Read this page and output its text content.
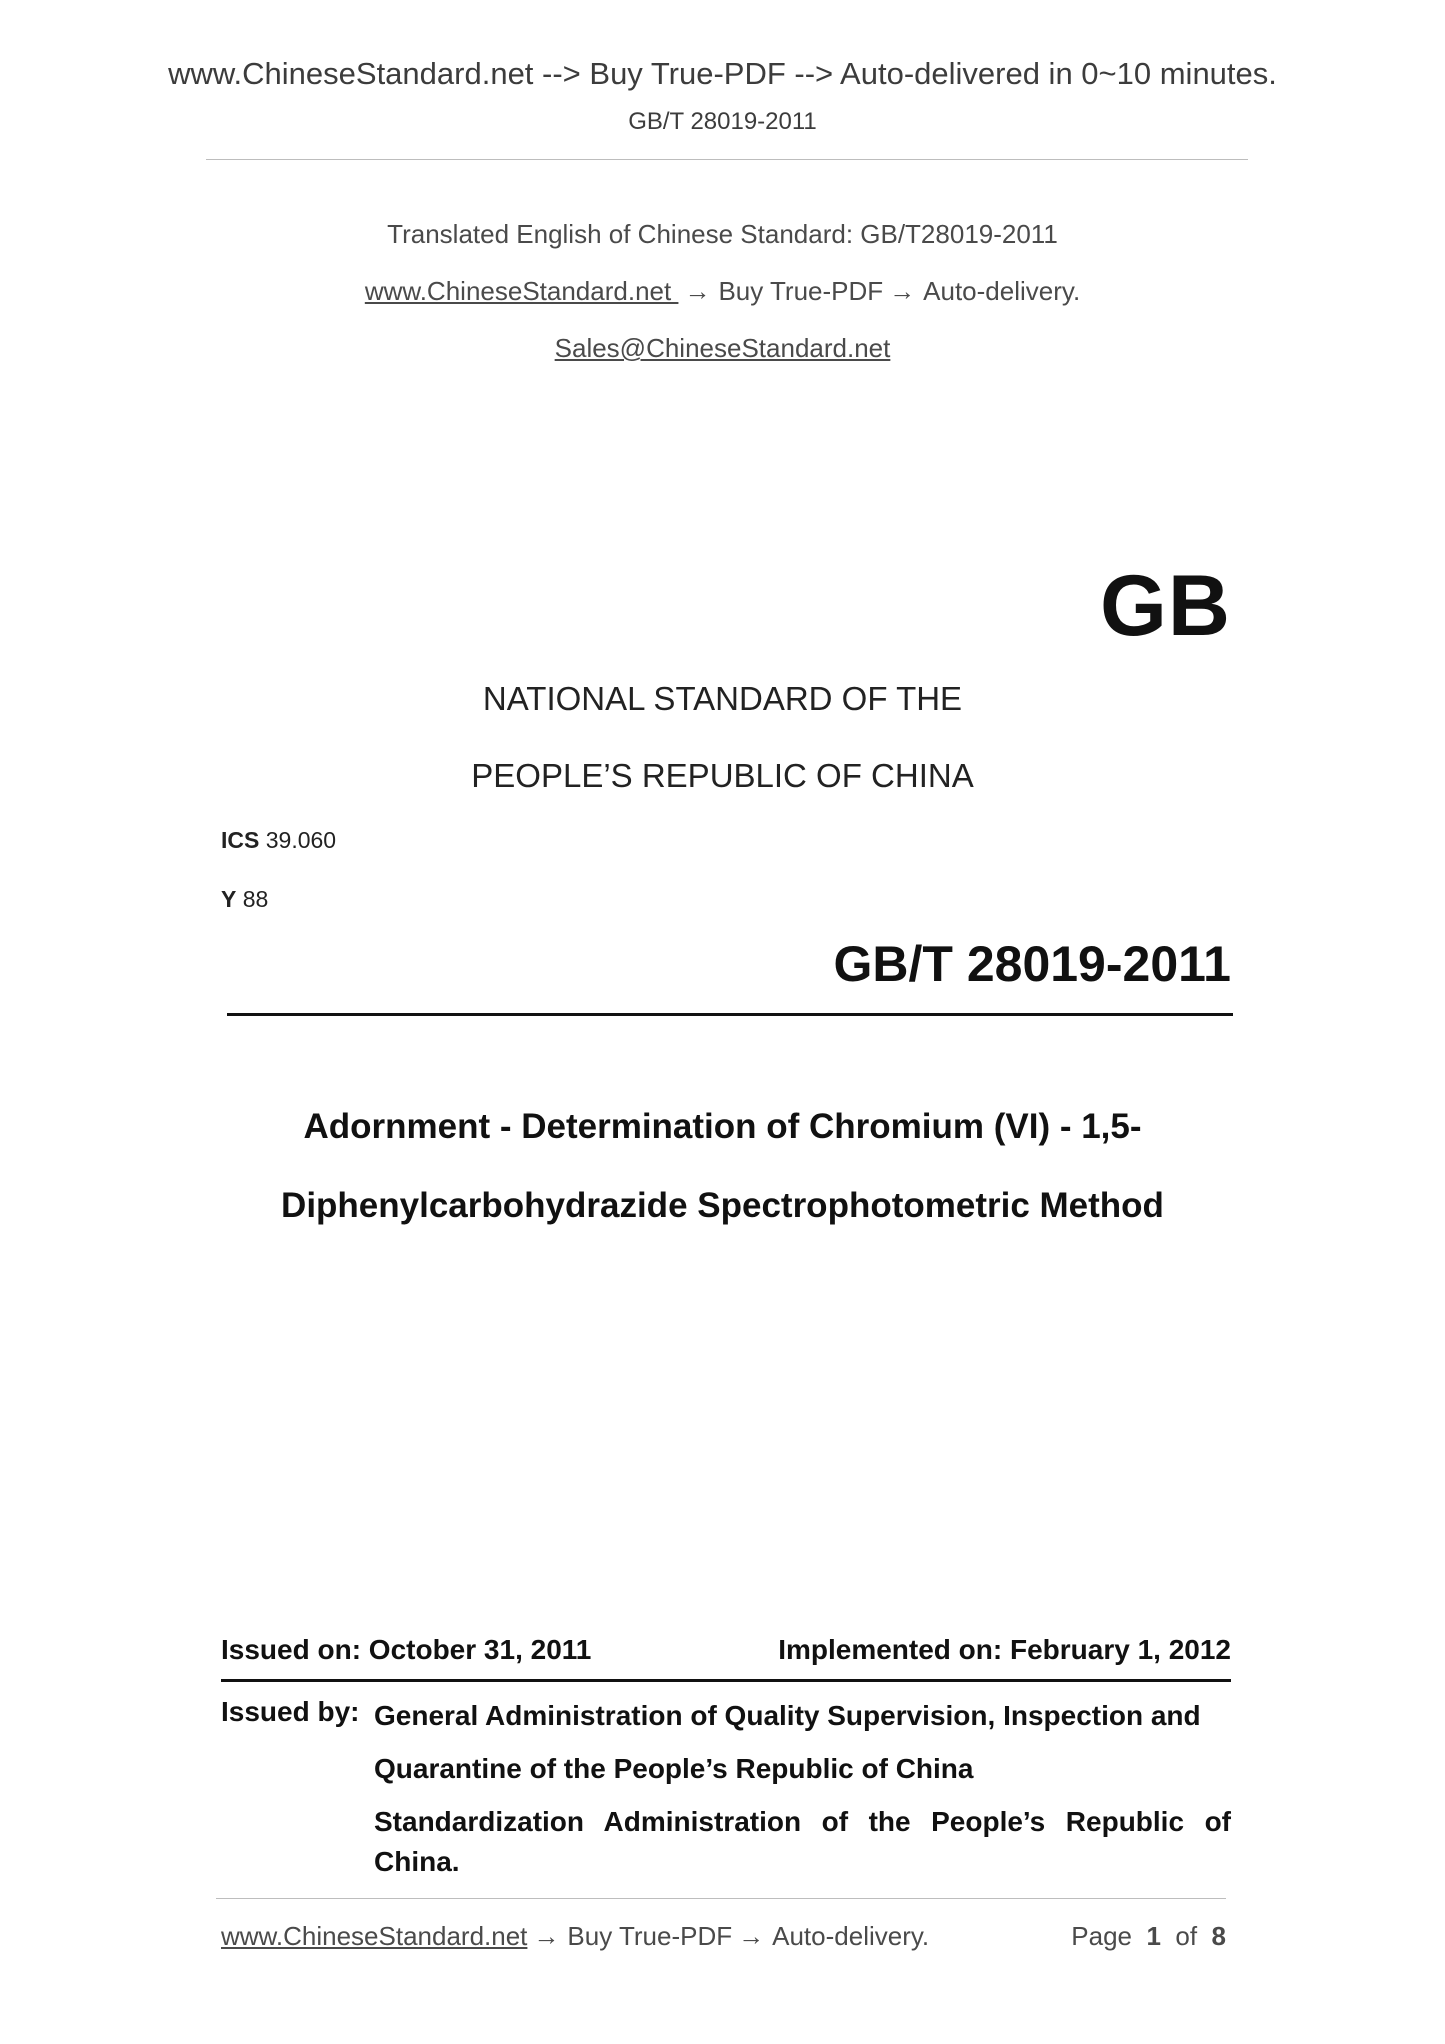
www.ChineseStandard.net --> Buy True-PDF --> Auto-delivered in 0~10 minutes.
GB/T 28019-2011
Translated English of Chinese Standard: GB/T28019-2011
www.ChineseStandard.net → Buy True-PDF → Auto-delivery.
Sales@ChineseStandard.net
GB
NATIONAL STANDARD OF THE
PEOPLE’S REPUBLIC OF CHINA
ICS 39.060
Y 88
GB/T 28019-2011
Adornment - Determination of Chromium (VI) - 1,5-
Diphenylcarbohydrazide Spectrophotometric Method
Issued on: October 31, 2011	Implemented on: February 1, 2012
Issued by: General Administration of Quality Supervision, Inspection and
Quarantine of the People’s Republic of China
Standardization Administration of the People’s Republic of China.
www.ChineseStandard.net → Buy True-PDF → Auto-delivery.	Page 1 of 8
